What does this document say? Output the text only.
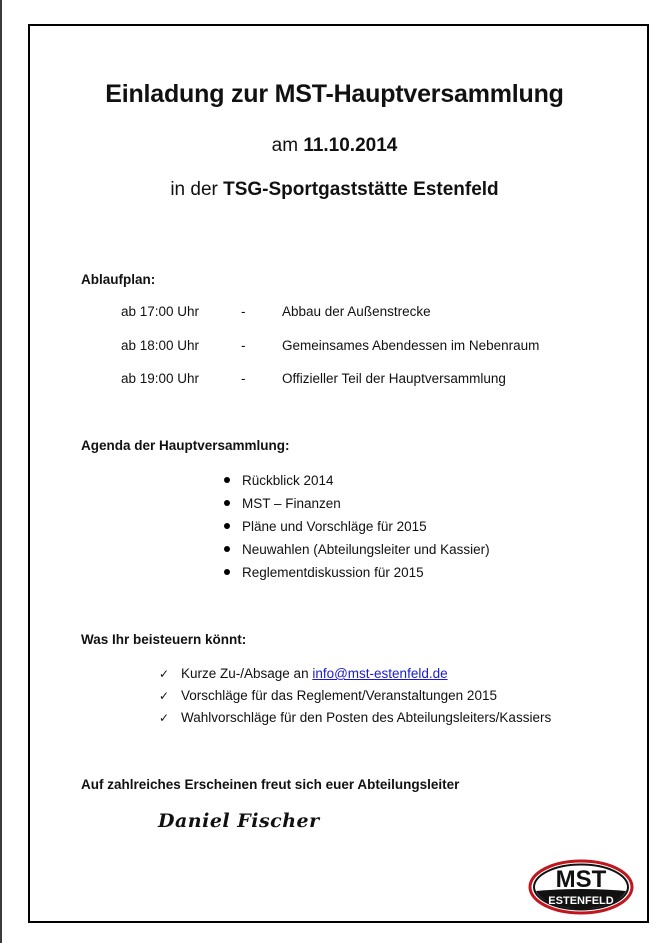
Einladung zur MST-Hauptversammlung
am 11.10.2014
in der TSG-Sportgaststätte Estenfeld
Ablaufplan:
ab 17:00 Uhr	-	Abbau der Außenstrecke
ab 18:00 Uhr	-	Gemeinsames Abendessen im Nebenraum
ab 19:00 Uhr	-	Offizieller Teil der Hauptversammlung
Agenda der Hauptversammlung:
Rückblick 2014
MST – Finanzen
Pläne und Vorschläge für 2015
Neuwahlen (Abteilungsleiter und Kassier)
Reglementdiskussion für 2015
Was Ihr beisteuern könnt:
✓ Kurze Zu-/Absage an info@mst-estenfeld.de
✓ Vorschläge für das Reglement/Veranstaltungen 2015
✓ Wahlvorschläge für den Posten des Abteilungsleiters/Kassiers
Auf zahlreiches Erscheinen freut sich euer Abteilungsleiter
Daniel Fischer
MST
ESTENFELD
